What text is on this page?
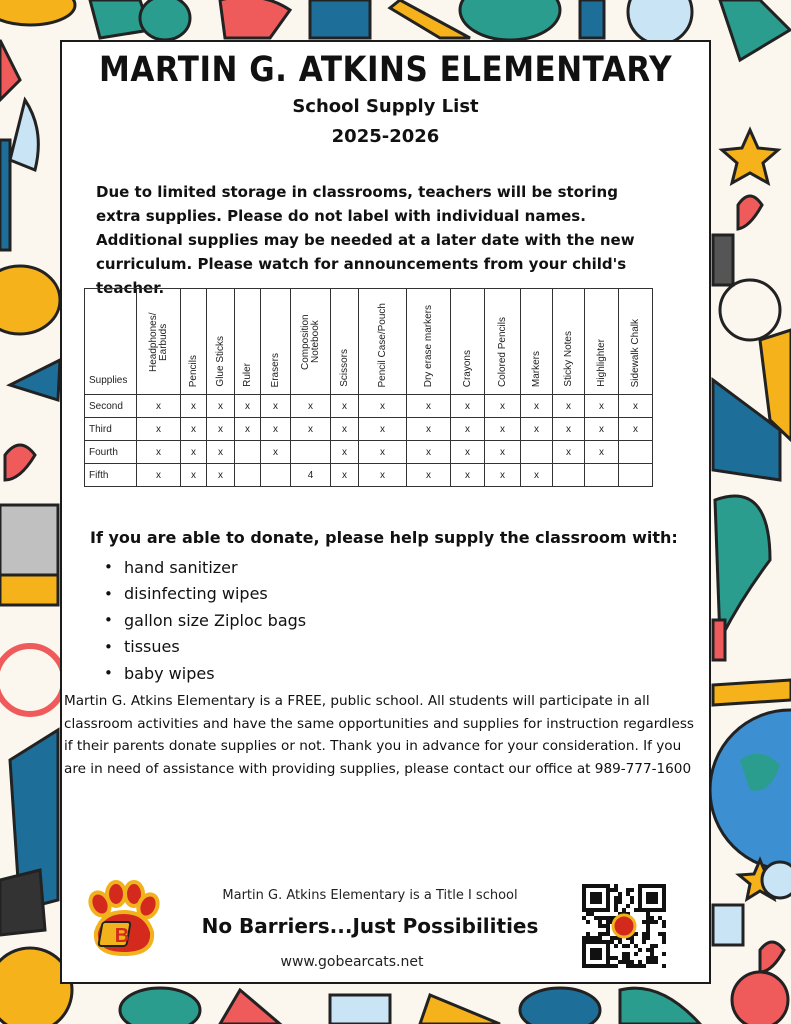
MARTIN G. ATKINS ELEMENTARY
School Supply List
2025-2026
Due to limited storage in classrooms, teachers will be storing extra supplies. Please do not label with individual names. Additional supplies may be needed at a later date with the new curriculum. Please watch for announcements from your child's teacher.
Supplies	Headphones/ Earbuds	Pencils	Glue Sticks	Ruler	Erasers	Composition Notebook	Scissors	Pencil Case/Pouch	Dry erase markers	Crayons	Colored Pencils	Markers	Sticky Notes	Highlighter	Sidewalk Chalk
Second	x	x	x	x	x	x	x	x	x	x	x	x	x	x	x
Third	x	x	x	x	x	x	x	x	x	x	x	x	x	x	x
Fourth	x	x	x		x		x	x	x	x	x		x	x	
Fifth	x	x	x			4	x	x	x	x	x	x			
If you are able to donate, please help supply the classroom with:
• hand sanitizer
• disinfecting wipes
• gallon size Ziploc bags
• tissues
• baby wipes
Martin G. Atkins Elementary is a FREE, public school. All students will participate in all classroom activities and have the same opportunities and supplies for instruction regardless if their parents donate supplies or not. Thank you in advance for your consideration. If you are in need of assistance with providing supplies, please contact our office at 989-777-1600
B
Martin G. Atkins Elementary is a Title I school
No Barriers...Just Possibilities
www.gobearcats.net
